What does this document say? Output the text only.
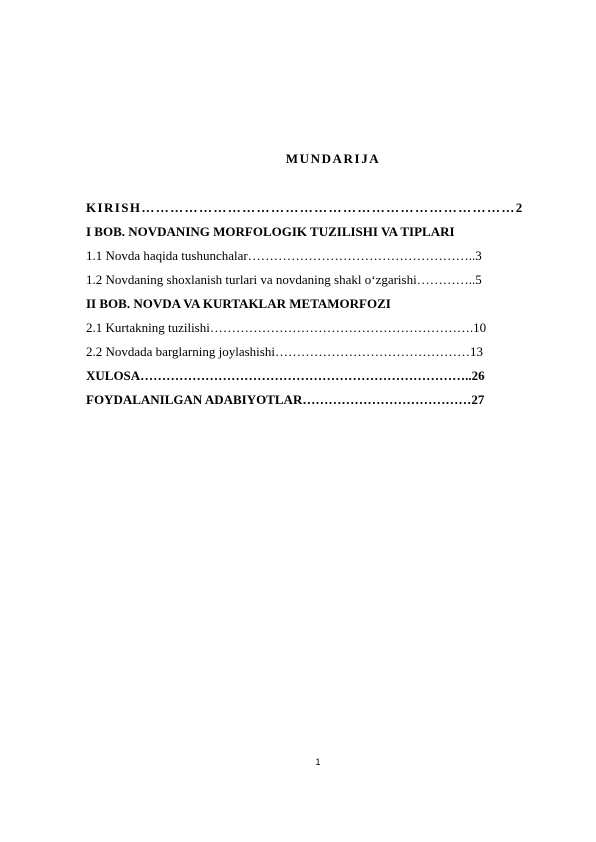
MUNDARIJA
KIRISH……………………………………………………………………2
I BOB. NOVDANING MORFOLOGIK TUZILISHI VA TIPLARI
1.1 Novda haqida tushunchalar……………………………………………..3
1.2 Novdaning shoxlanish turlari va novdaning shakl o‘zgarishi…………..5
II BOB. NOVDA VA KURTAKLAR METAMORFOZI
2.1 Kurtakning tuzilishi…………………………………………………….10
2.2 Novdada barglarning joylashishi………………………………………13
XULOSA…………………………………………………………………..26
FOYDALANILGAN ADABIYOTLAR…………………………………27
1
